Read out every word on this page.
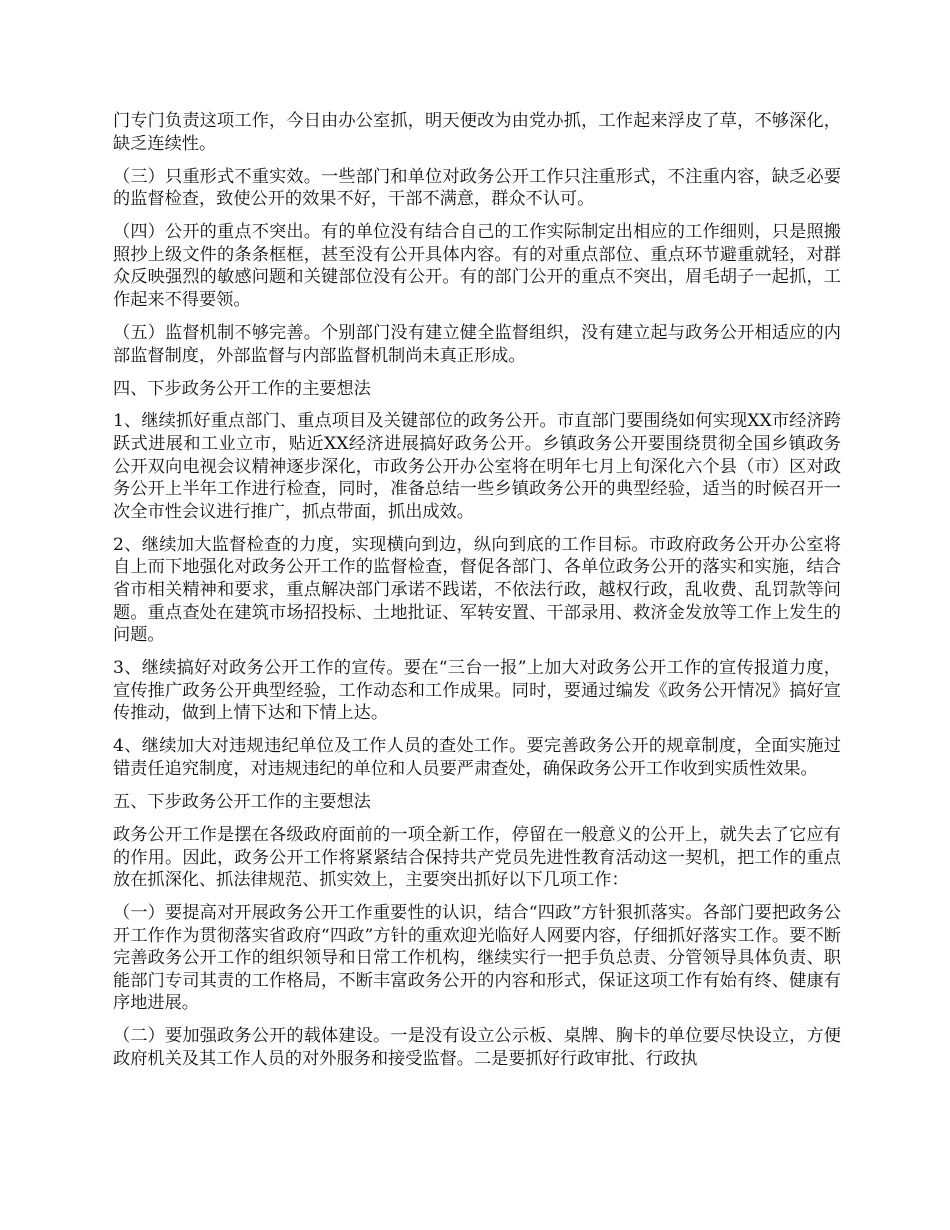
门专门负责这项工作，今日由办公室抓，明天便改为由党办抓，工作起来浮皮了草，不够深化，缺乏连续性。

（三）只重形式不重实效。一些部门和单位对政务公开工作只注重形式，不注重内容，缺乏必要的监督检查，致使公开的效果不好，干部不满意，群众不认可。

（四）公开的重点不突出。有的单位没有结合自己的工作实际制定出相应的工作细则，只是照搬照抄上级文件的条条框框，甚至没有公开具体内容。有的对重点部位、重点环节避重就轻，对群众反映强烈的敏感问题和关键部位没有公开。有的部门公开的重点不突出，眉毛胡子一起抓，工作起来不得要领。

（五）监督机制不够完善。个别部门没有建立健全监督组织，没有建立起与政务公开相适应的内部监督制度，外部监督与内部监督机制尚未真正形成。

四、下步政务公开工作的主要想法

1、继续抓好重点部门、重点项目及关键部位的政务公开。市直部门要围绕如何实现XX市经济跨跃式进展和工业立市，贴近XX经济进展搞好政务公开。乡镇政务公开要围绕贯彻全国乡镇政务公开双向电视会议精神逐步深化，市政务公开办公室将在明年七月上旬深化六个县（市）区对政务公开上半年工作进行检查，同时，准备总结一些乡镇政务公开的典型经验，适当的时候召开一次全市性会议进行推广，抓点带面，抓出成效。

2、继续加大监督检查的力度，实现横向到边，纵向到底的工作目标。市政府政务公开办公室将自上而下地强化对政务公开工作的监督检查，督促各部门、各单位政务公开的落实和实施，结合省市相关精神和要求，重点解决部门承诺不践诺，不依法行政，越权行政，乱收费、乱罚款等问题。重点查处在建筑市场招投标、土地批证、军转安置、干部录用、救济金发放等工作上发生的问题。

3、继续搞好对政务公开工作的宣传。要在“三台一报”上加大对政务公开工作的宣传报道力度，宣传推广政务公开典型经验，工作动态和工作成果。同时，要通过编发《政务公开情况》搞好宣传推动，做到上情下达和下情上达。

4、继续加大对违规违纪单位及工作人员的查处工作。要完善政务公开的规章制度，全面实施过错责任追究制度，对违规违纪的单位和人员要严肃查处，确保政务公开工作收到实质性效果。

五、下步政务公开工作的主要想法

政务公开工作是摆在各级政府面前的一项全新工作，停留在一般意义的公开上，就失去了它应有的作用。因此，政务公开工作将紧紧结合保持共产党员先进性教育活动这一契机，把工作的重点放在抓深化、抓法律规范、抓实效上，主要突出抓好以下几项工作：

（一）要提高对开展政务公开工作重要性的认识，结合“四政”方针狠抓落实。各部门要把政务公开工作作为贯彻落实省政府“四政”方针的重欢迎光临好人网要内容，仔细抓好落实工作。要不断完善政务公开工作的组织领导和日常工作机构，继续实行一把手负总责、分管领导具体负责、职能部门专司其责的工作格局，不断丰富政务公开的内容和形式，保证这项工作有始有终、健康有序地进展。

（二）要加强政务公开的载体建设。一是没有设立公示板、桌牌、胸卡的单位要尽快设立，方便政府机关及其工作人员的对外服务和接受监督。二是要抓好行政审批、行政执
